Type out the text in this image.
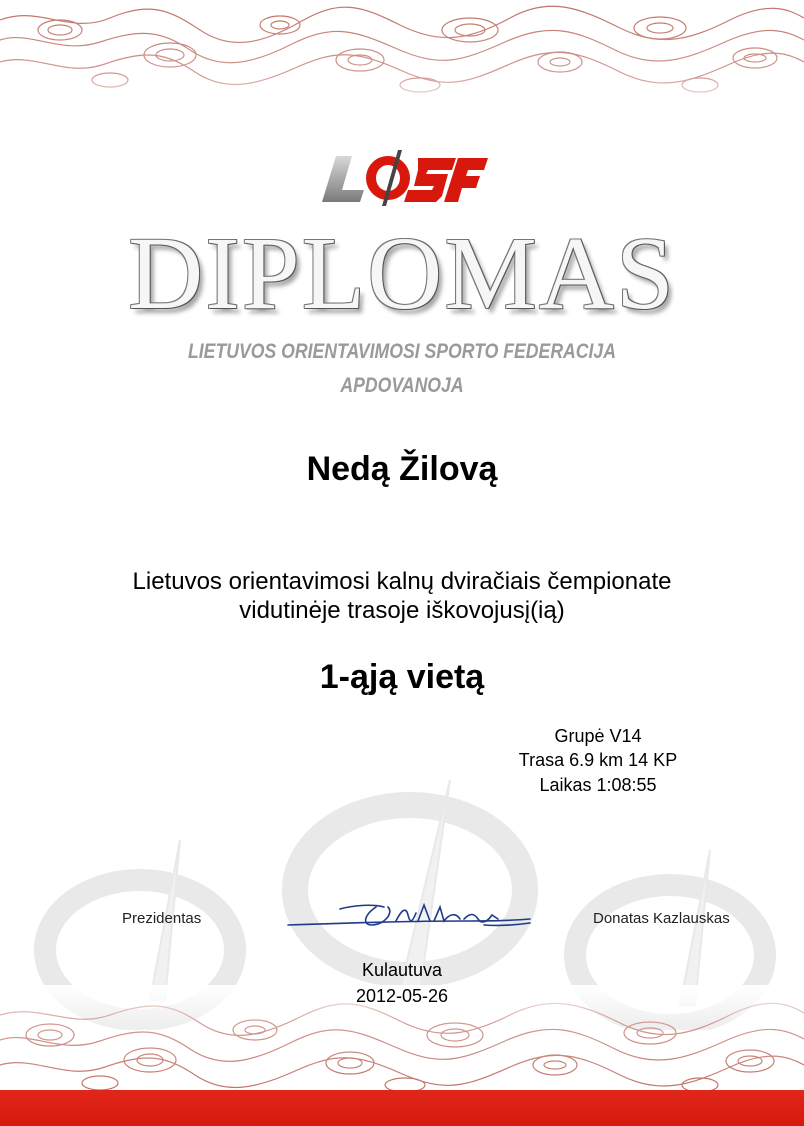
DIPLOMAS
LIETUVOS ORIENTAVIMOSI SPORTO FEDERACIJA
APDOVANOJA
Nedą Žilovą
Lietuvos orientavimosi kalnų dviračiais čempionate
vidutinėje trasoje iškovojusį(ią)
1-ąją vietą
Grupė V14
Trasa 6.9 km 14 KP
Laikas 1:08:55
Prezidentas	Donatas Kazlauskas
Kulautuva
2012-05-26
